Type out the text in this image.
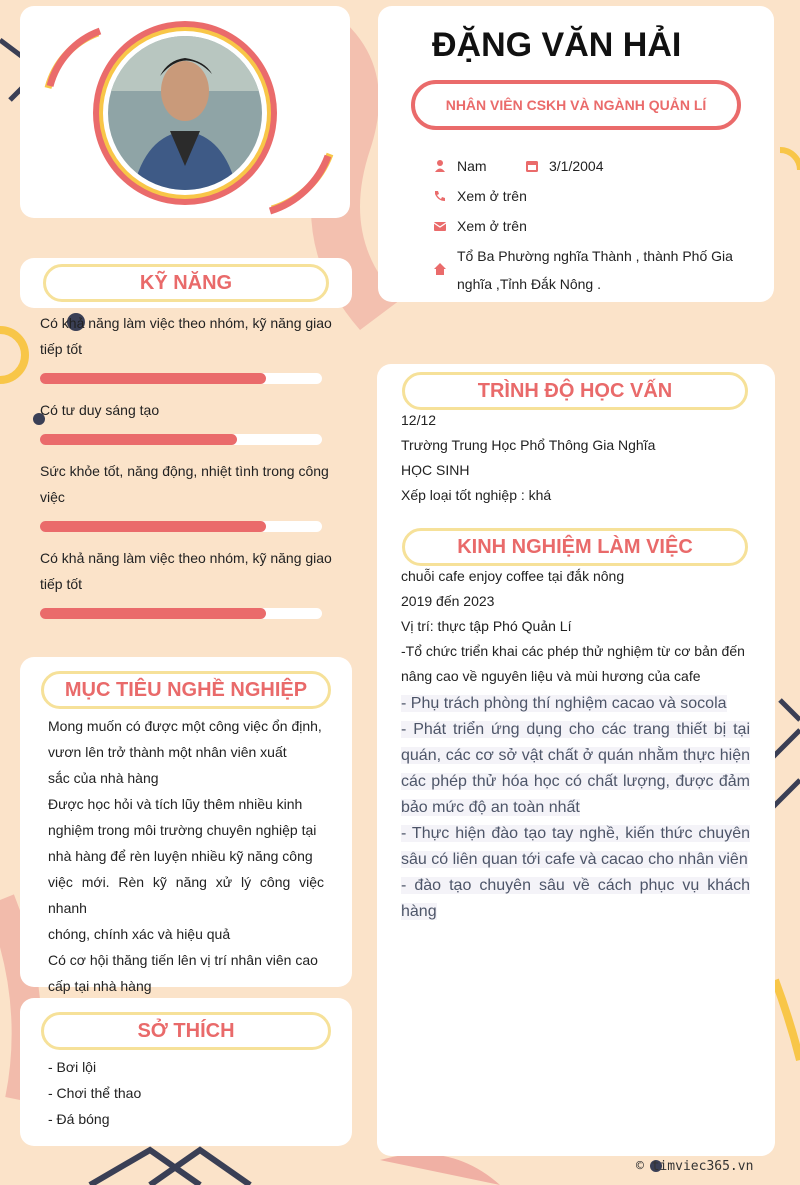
ĐẶNG VĂN HẢI
NHÂN VIÊN CSKH VÀ NGÀNH QUẢN LÍ
Nam	3/1/2004
Xem ở trên
Xem ở trên
Tổ Ba Phường nghĩa Thành , thành Phố Gia
nghĩa ,Tỉnh Đắk Nông .
KỸ NĂNG
Có khả năng làm việc theo nhóm, kỹ năng giao
tiếp tốt
Có tư duy sáng tạo
Sức khỏe tốt, năng động, nhiệt tình trong công
việc
Có khả năng làm việc theo nhóm, kỹ năng giao
tiếp tốt
MỤC TIÊU NGHỀ NGHIỆP
Mong muốn có được một công việc ổn định,
vươn lên trở thành một nhân viên xuất
sắc của nhà hàng
Được học hỏi và tích lũy thêm nhiều kinh
nghiệm trong môi trường chuyên nghiệp tại
nhà hàng để rèn luyện nhiều kỹ năng công
việc mới. Rèn kỹ năng xử lý công việc nhanh
chóng, chính xác và hiệu quả
Có cơ hội thăng tiến lên vị trí nhân viên cao
cấp tại nhà hàng
SỞ THÍCH
- Bơi lội
- Chơi thể thao
- Đá bóng
TRÌNH ĐỘ HỌC VẤN
12/12
Trường Trung Học Phổ Thông Gia Nghĩa
HỌC SINH
Xếp loại tốt nghiệp : khá
KINH NGHIỆM LÀM VIỆC
chuỗi cafe enjoy coffee tại đắk nông
2019 đến 2023
Vị trí: thực tập Phó Quản Lí
-Tổ chức triển khai các phép thử nghiệm từ cơ bản đến
nâng cao về nguyên liệu và mùi hương của cafe
- Phụ trách phòng thí nghiệm cacao và socola
- Phát triển ứng dụng cho các trang thiết bị tại
quán, các cơ sở vật chất ở quán nhằm thực hiện
các phép thử hóa học có chất lượng, được đảm
bảo mức độ an toàn nhất
- Thực hiện đào tạo tay nghề, kiến thức chuyên
sâu có liên quan tới cafe và cacao cho nhân viên
- đào tạo chuyên sâu về cách phục vụ khách
hàng
© timviec365.vn
